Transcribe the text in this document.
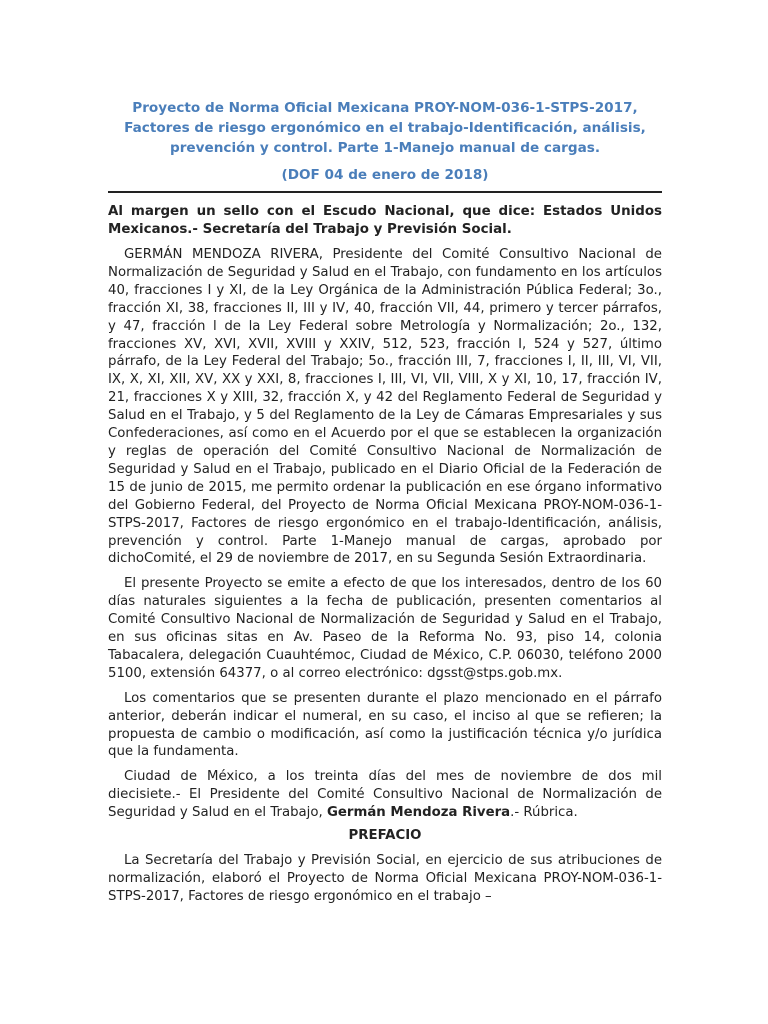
Proyecto de Norma Oficial Mexicana PROY-NOM-036-1-STPS-2017, Factores de riesgo ergonómico en el trabajo-Identificación, análisis, prevención y control. Parte 1-Manejo manual de cargas.

(DOF 04 de enero de 2018)

Al margen un sello con el Escudo Nacional, que dice: Estados Unidos Mexicanos.- Secretaría del Trabajo y Previsión Social.

GERMÁN MENDOZA RIVERA, Presidente del Comité Consultivo Nacional de Normalización de Seguridad y Salud en el Trabajo, con fundamento en los artículos 40, fracciones I y XI, de la Ley Orgánica de la Administración Pública Federal; 3o., fracción XI, 38, fracciones II, III y IV, 40, fracción VII, 44, primero y tercer párrafos, y 47, fracción l de la Ley Federal sobre Metrología y Normalización; 2o., 132, fracciones XV, XVI, XVII, XVIII y XXIV, 512, 523, fracción I, 524 y 527, último párrafo, de la Ley Federal del Trabajo; 5o., fracción III, 7, fracciones I, II, III, VI, VII, IX, X, XI, XII, XV, XX y XXI, 8, fracciones I, III, VI, VII, VIII, X y XI, 10, 17, fracción IV, 21, fracciones X y XIII, 32, fracción X, y 42 del Reglamento Federal de Seguridad y Salud en el Trabajo, y 5 del Reglamento de la Ley de Cámaras Empresariales y sus Confederaciones, así como en el Acuerdo por el que se establecen la organización y reglas de operación del Comité Consultivo Nacional de Normalización de Seguridad y Salud en el Trabajo, publicado en el Diario Oficial de la Federación de 15 de junio de 2015, me permito ordenar la publicación en ese órgano informativo del Gobierno Federal, del Proyecto de Norma Oficial Mexicana PROY-NOM-036-1-STPS-2017, Factores de riesgo ergonómico en el trabajo-Identificación, análisis, prevención y control. Parte 1-Manejo manual de cargas, aprobado por dichoComité, el 29 de noviembre de 2017, en su Segunda Sesión Extraordinaria.

El presente Proyecto se emite a efecto de que los interesados, dentro de los 60 días naturales siguientes a la fecha de publicación, presenten comentarios al Comité Consultivo Nacional de Normalización de Seguridad y Salud en el Trabajo, en sus oficinas sitas en Av. Paseo de la Reforma No. 93, piso 14, colonia Tabacalera, delegación Cuauhtémoc, Ciudad de México, C.P. 06030, teléfono 2000 5100, extensión 64377, o al correo electrónico: dgsst@stps.gob.mx.

Los comentarios que se presenten durante el plazo mencionado en el párrafo anterior, deberán indicar el numeral, en su caso, el inciso al que se refieren; la propuesta de cambio o modificación, así como la justificación técnica y/o jurídica que la fundamenta.

Ciudad de México, a los treinta días del mes de noviembre de dos mil diecisiete.- El Presidente del Comité Consultivo Nacional de Normalización de Seguridad y Salud en el Trabajo, Germán Mendoza Rivera.- Rúbrica.

PREFACIO

La Secretaría del Trabajo y Previsión Social, en ejercicio de sus atribuciones de normalización, elaboró el Proyecto de Norma Oficial Mexicana PROY-NOM-036-1-STPS-2017, Factores de riesgo ergonómico en el trabajo –
